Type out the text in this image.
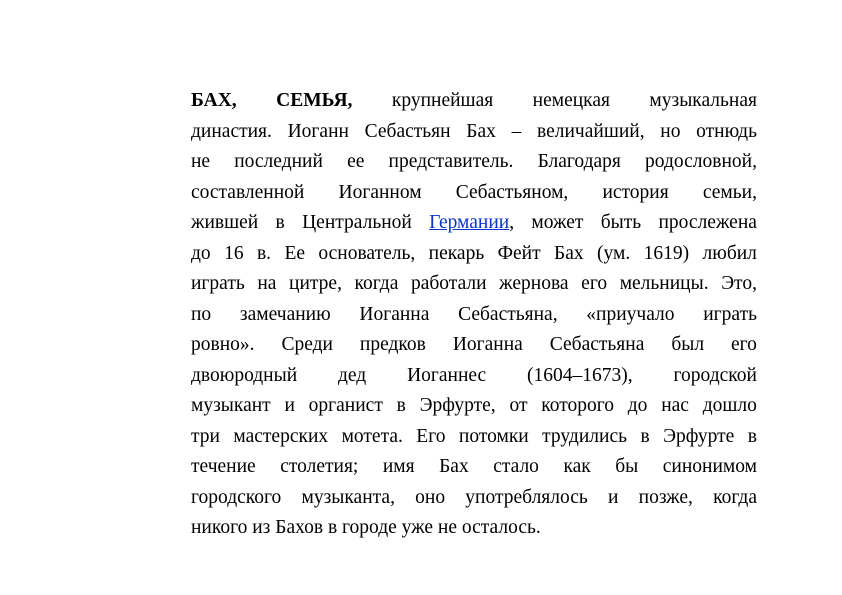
БАХ, СЕМЬЯ, крупнейшая немецкая музыкальная
династия. Иоганн Себастьян Бах – величайший, но отнюдь
не последний ее представитель. Благодаря родословной,
составленной Иоганном Себастьяном, история семьи,
жившей в Центральной Германии, может быть прослежена
до 16 в. Ее основатель, пекарь Фейт Бах (ум. 1619) любил
играть на цитре, когда работали жернова его мельницы. Это,
по замечанию Иоганна Себастьяна, «приучало играть
ровно». Среди предков Иоганна Себастьяна был его
двоюродный дед Иоганнес (1604–1673), городской
музыкант и органист в Эрфурте, от которого до нас дошло
три мастерских мотета. Его потомки трудились в Эрфурте в
течение столетия; имя Бах стало как бы синонимом
городского музыканта, оно употреблялось и позже, когда
никого из Бахов в городе уже не осталось.
